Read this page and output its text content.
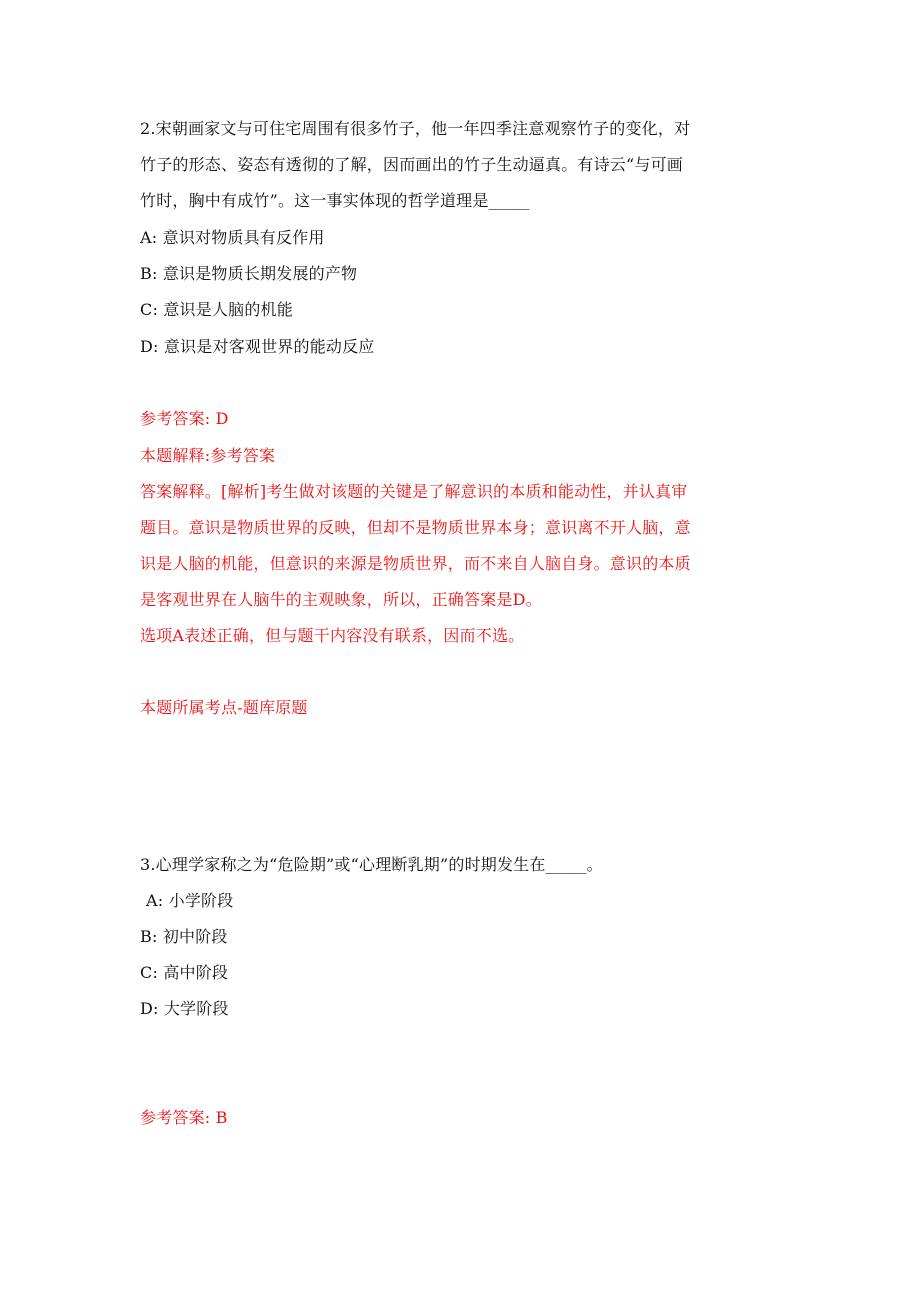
2.宋朝画家文与可住宅周围有很多竹子，他一年四季注意观察竹子的变化，对
竹子的形态、姿态有透彻的了解，因而画出的竹子生动逼真。有诗云“与可画
竹时，胸中有成竹”。这一事实体现的哲学道理是_____
A: 意识对物质具有反作用
B: 意识是物质长期发展的产物
C: 意识是人脑的机能
D: 意识是对客观世界的能动反应
参考答案: D
本题解释:参考答案
答案解释。[解析]考生做对该题的关键是了解意识的本质和能动性，并认真审
题目。意识是物质世界的反映，但却不是物质世界本身；意识离不开人脑，意
识是人脑的机能，但意识的来源是物质世界，而不来自人脑自身。意识的本质
是客观世界在人脑牛的主观映象，所以，正确答案是D。
选项A表述正确，但与题干内容没有联系，因而不选。
本题所属考点-题库原题
3.心理学家称之为“危险期”或“心理断乳期”的时期发生在_____。
A: 小学阶段
B: 初中阶段
C: 高中阶段
D: 大学阶段
参考答案: B
